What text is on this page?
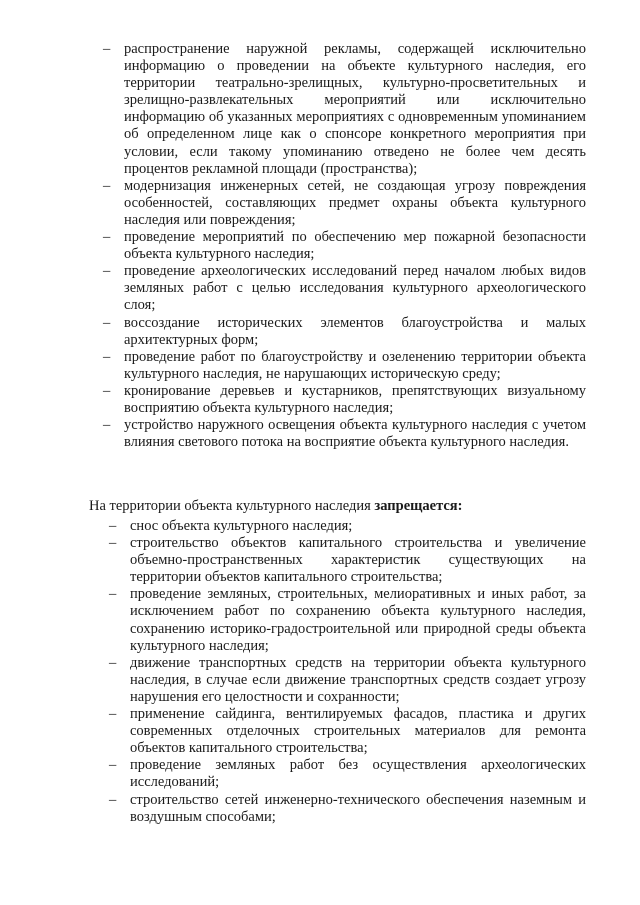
– распространение наружной рекламы, содержащей исключительно информацию о проведении на объекте культурного наследия, его территории театрально-зрелищных, культурно-просветительных и зрелищно-развлекательных мероприятий или исключительно информацию об указанных мероприятиях с одновременным упоминанием об определенном лице как о спонсоре конкретного мероприятия при условии, если такому упоминанию отведено не более чем десять процентов рекламной площади (пространства);
– модернизация инженерных сетей, не создающая угрозу повреждения особенностей, составляющих предмет охраны объекта культурного наследия или повреждения;
– проведение мероприятий по обеспечению мер пожарной безопасности объекта культурного наследия;
– проведение археологических исследований перед началом любых видов земляных работ с целью исследования культурного археологического слоя;
– воссоздание исторических элементов благоустройства и малых архитектурных форм;
– проведение работ по благоустройству и озеленению территории объекта культурного наследия, не нарушающих историческую среду;
– кронирование деревьев и кустарников, препятствующих визуальному восприятию объекта культурного наследия;
– устройство наружного освещения объекта культурного наследия с учетом влияния светового потока на восприятие объекта культурного наследия.
На территории объекта культурного наследия запрещается:
– снос объекта культурного наследия;
– строительство объектов капитального строительства и увеличение объемно-пространственных характеристик существующих на территории объектов капитального строительства;
– проведение земляных, строительных, мелиоративных и иных работ, за исключением работ по сохранению объекта культурного наследия, сохранению историко-градостроительной или природной среды объекта культурного наследия;
– движение транспортных средств на территории объекта культурного наследия, в случае если движение транспортных средств создает угрозу нарушения его целостности и сохранности;
– применение сайдинга, вентилируемых фасадов, пластика и других современных отделочных строительных материалов для ремонта объектов капитального строительства;
– проведение земляных работ без осуществления археологических исследований;
– строительство сетей инженерно-технического обеспечения наземным и воздушным способами;
